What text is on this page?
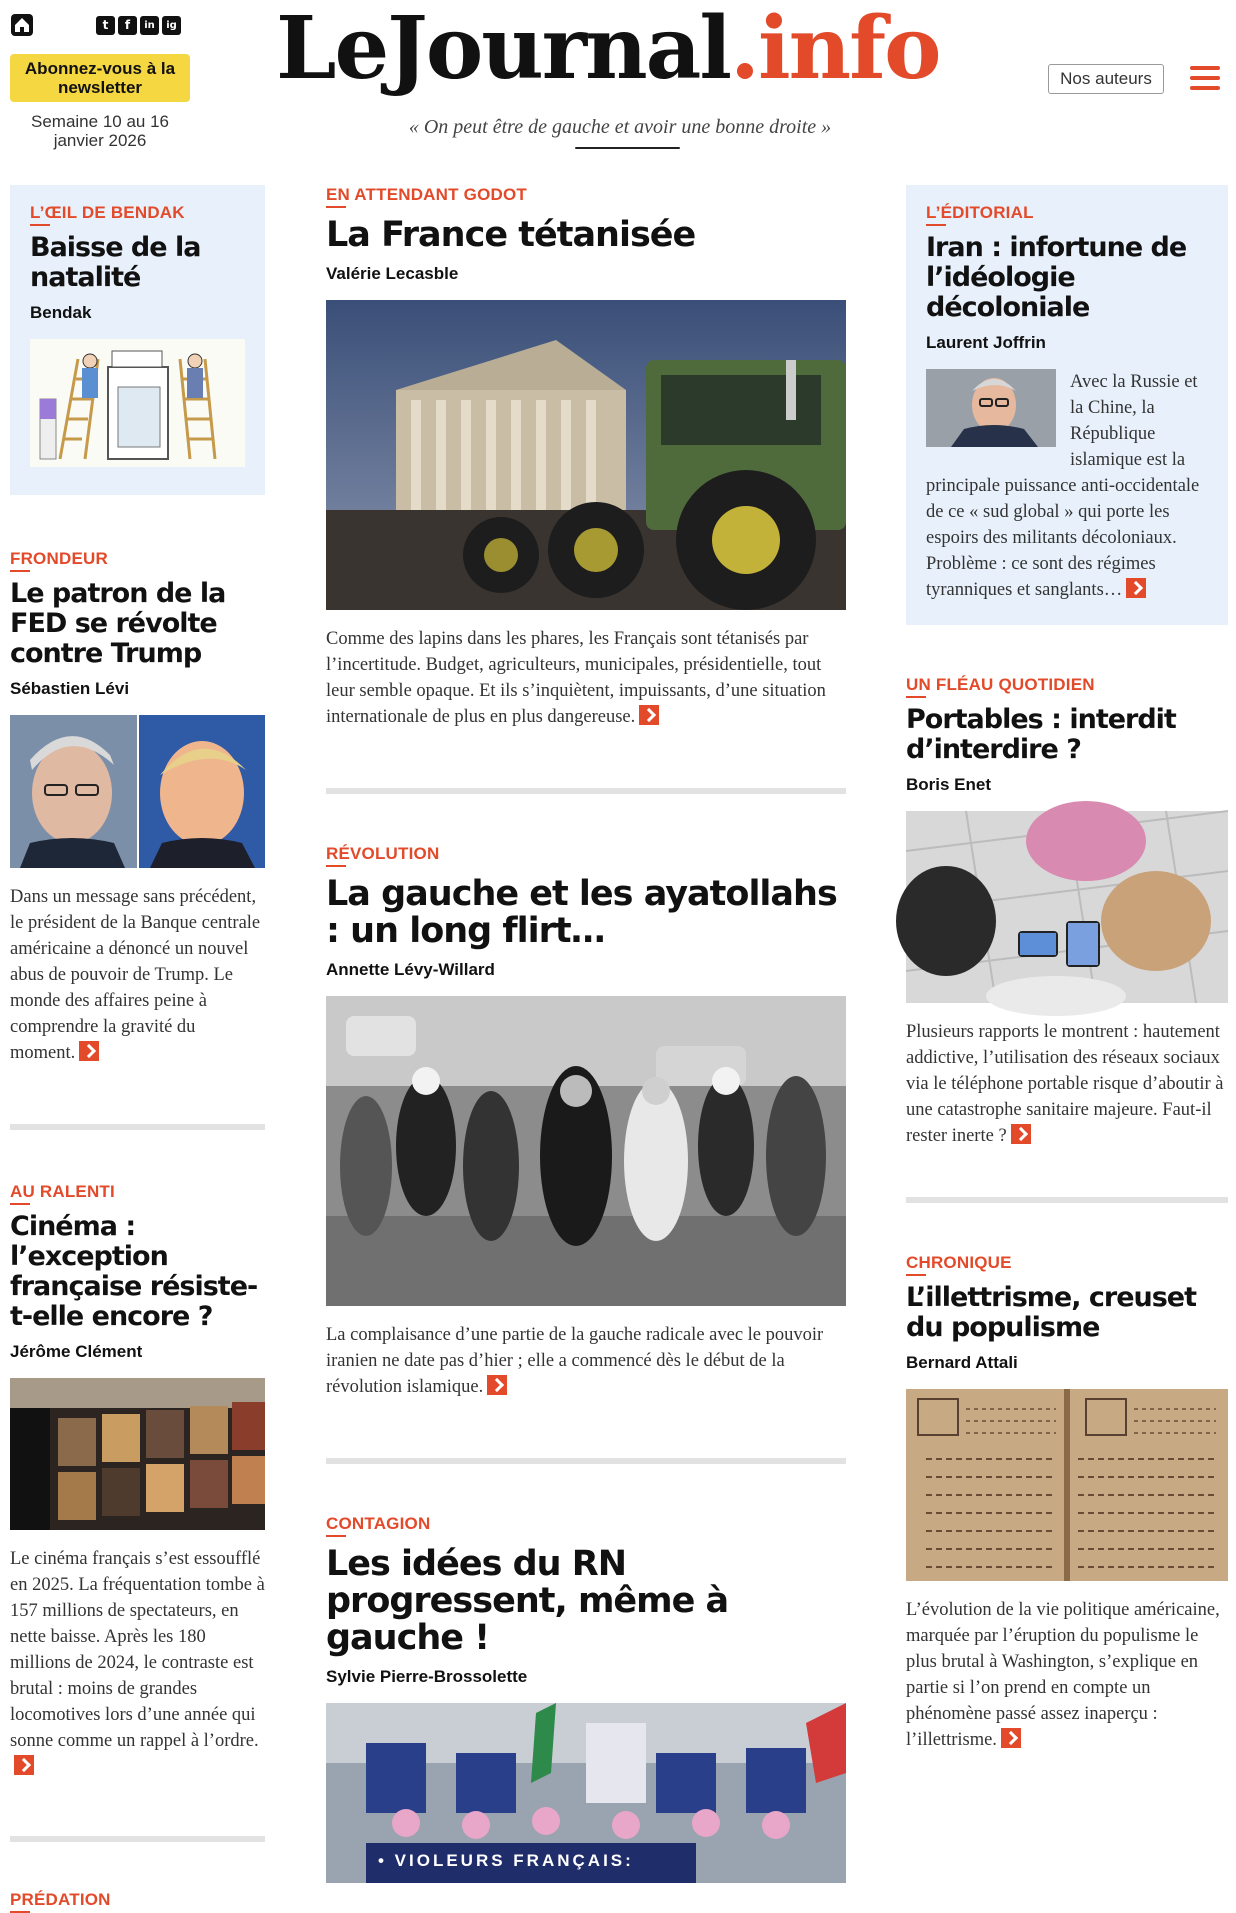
t	f	in	ig
Abonnez-vous à la newsletter
Semaine 10 au 16 janvier 2026
LeJournal.info
« On peut être de gauche et avoir une bonne droite »
Nos auteurs
L’ŒIL DE BENDAK
Baisse de la natalité
Bendak
FRONDEUR
Le patron de la FED se révolte contre Trump
Sébastien Lévi
Dans un message sans précédent, le président de la Banque centrale américaine a dénoncé un nouvel abus de pouvoir de Trump. Le monde des affaires peine à comprendre la gravité du moment.
AU RALENTI
Cinéma : l’exception française résiste-t-elle encore ?
Jérôme Clément
Le cinéma français s’est essoufflé en 2025. La fréquentation tombe à 157 millions de spectateurs, en nette baisse. Après les 180 millions de 2024, le contraste est brutal : moins de grandes locomotives lors d’une année qui sonne comme un rappel à l’ordre.
PRÉDATION
EN ATTENDANT GODOT
La France tétanisée
Valérie Lecasble
Comme des lapins dans les phares, les Français sont tétanisés par l’incertitude. Budget, agriculteurs, municipales, présidentielle, tout leur semble opaque. Et ils s’inquiètent, impuissants, d’une situation internationale de plus en plus dangereuse.
RÉVOLUTION
La gauche et les ayatollahs : un long flirt…
Annette Lévy-Willard
La complaisance d’une partie de la gauche radicale avec le pouvoir iranien ne date pas d’hier ; elle a commencé dès le début de la révolution islamique.
CONTAGION
Les idées du RN progressent, même à gauche !
Sylvie Pierre-Brossolette
• VIOLEURS FRANÇAIS:
L’ÉDITORIAL
Iran : infortune de l’idéologie décoloniale
Laurent Joffrin
Avec la Russie et la Chine, la République islamique est la principale puissance anti-occidentale de ce « sud global » qui porte les espoirs des militants décoloniaux. Problème : ce sont des régimes tyranniques et sanglants…
UN FLÉAU QUOTIDIEN
Portables : interdit d’interdire ?
Boris Enet
Plusieurs rapports le montrent : hautement addictive, l’utilisation des réseaux sociaux via le téléphone portable risque d’aboutir à une catastrophe sanitaire majeure. Faut-il rester inerte ?
CHRONIQUE
L’illettrisme, creuset du populisme
Bernard Attali
L’évolution de la vie politique américaine, marquée par l’éruption du populisme le plus brutal à Washington, s’explique en partie si l’on prend en compte un phénomène passé assez inaperçu : l’illettrisme.
